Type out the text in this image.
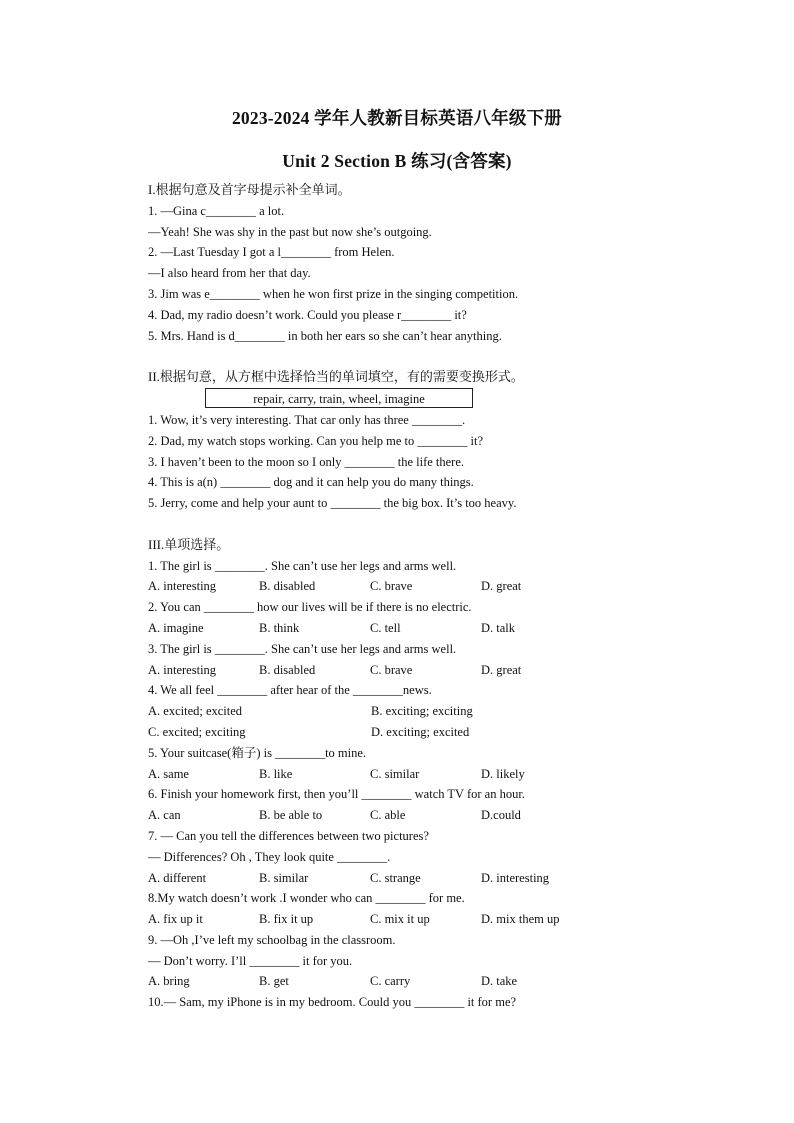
2023-2024 学年人教新目标英语八年级下册
Unit 2 Section B 练习(含答案)
I.根据句意及首字母提示补全单词。
1. —Gina c________ a lot.
—Yeah! She was shy in the past but now she’s outgoing.
2. —Last Tuesday I got a l________ from Helen.
—I also heard from her that day.
3. Jim was e________ when he won first prize in the singing competition.
4. Dad, my radio doesn’t work. Could you please r________ it?
5. Mrs. Hand is d________ in both her ears so she can’t hear anything.
II.根据句意，从方框中选择恰当的单词填空，有的需要变换形式。
repair, carry, train, wheel, imagine
1. Wow, it’s very interesting. That car only has three ________.
2. Dad, my watch stops working. Can you help me to ________ it?
3. I haven’t been to the moon so I only ________ the life there.
4. This is a(n) ________ dog and it can help you do many things.
5. Jerry, come and help your aunt to ________ the big box. It’s too heavy.
III.单项选择。
1. The girl is ________. She can’t use her legs and arms well.
A. interesting	B. disabled	C. brave	D. great
2. You can ________ how our lives will be if there is no electric.
A. imagine	B. think	C. tell	D. talk
3. The girl is ________. She can’t use her legs and arms well.
A. interesting	B. disabled	C. brave	D. great
4. We all feel ________ after hear of the ________news.
A. excited; excited	B. exciting; exciting
C. excited; exciting	D. exciting; excited
5. Your suitcase(箱子) is ________to mine.
A. same	B. like	C. similar	D. likely
6. Finish your homework first, then you’ll ________ watch TV for an hour.
A. can	B. be able to	C. able	D.could
7. — Can you tell the differences between two pictures?
— Differences? Oh , They look quite ________.
A. different	B. similar	C. strange	D. interesting
8.My watch doesn’t work .I wonder who can ________ for me.
A. fix up it	B. fix it up	C. mix it up	D. mix them up
9. —Oh ,I’ve left my schoolbag in the classroom.
— Don’t worry. I’ll ________ it for you.
A. bring	B. get	C. carry	D. take
10.— Sam, my iPhone is in my bedroom. Could you ________ it for me?
